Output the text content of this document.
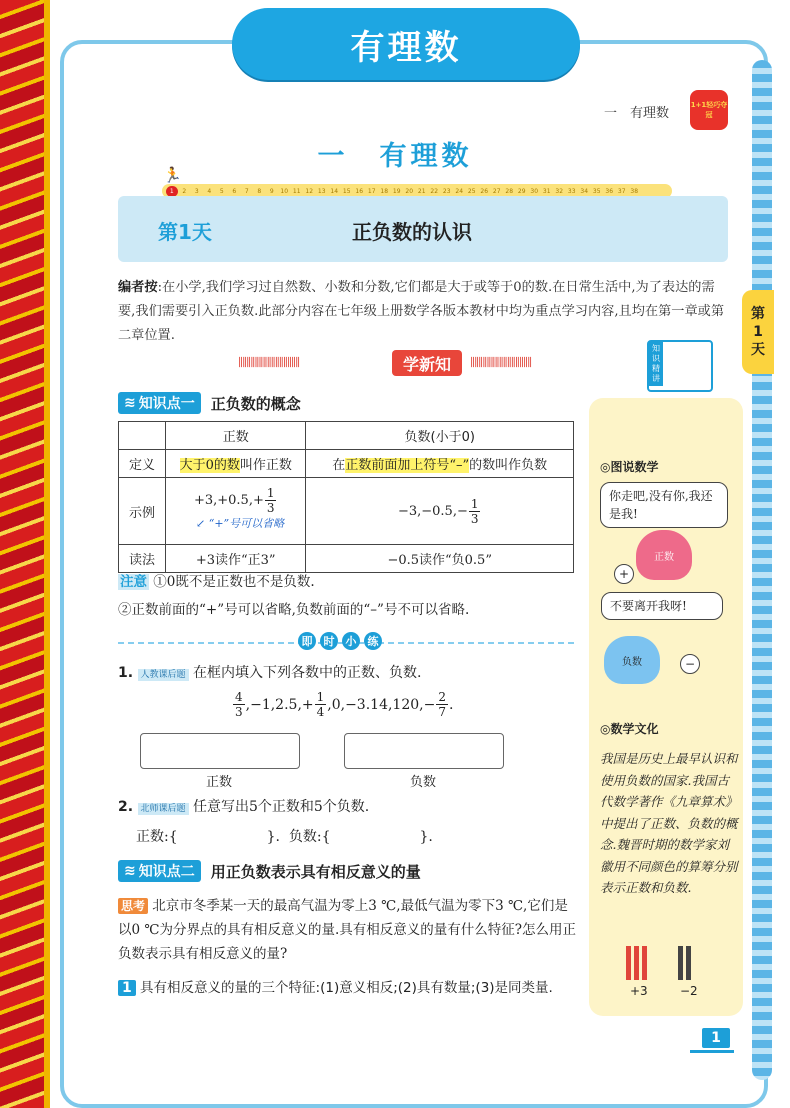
有理数
一　有理数
1+1轻巧夺冠
一　有理数
🏃
1	2	3	4	5	6	7	8	9	10 11 12 13 14 15 16 17 18 19 20 21 22 23 24 25 26 27 28 29 30 31 32 33 34 35 36 37 38
第1天	正负数的认识
编者按:在小学,我们学习过自然数、小数和分数,它们都是大于或等于0的数.在日常生活中,为了表达的需要,我们需要引入正负数.此部分内容在七年级上册数学各版本教材中均为重点学习内容,且均在第一章或第二章位置.
第
1
天
∥∥∥∥∥∥∥∥∥∥∥∥∥∥∥	学新知	∥∥∥∥∥∥∥∥∥∥∥∥∥∥∥
知识精讲
≋ 知识点一 正负数的概念
	正数	负数(小于0)
定义	大于0的数叫作正数	在正数前面加上符号“–”的数叫作负数
示例	$+3,+0.5,+ \frac{1}{3}$	$-3,-0.5,- \frac{1}{3}$

读法	+3读作“正3”	−0.5读作“负0.5”
↙ “+”号可以省略
注意 ①0既不是正数也不是负数.
②正数前面的“+”号可以省略,负数前面的“–”号不可以省略.
即	时	小	练
1. 人教课后题 在框内填入下列各数中的正数、负数.
$\frac{4}{3} ,-1,2.5,+ \frac{1}{4} ,0,-3.14,120,- \frac{2}{7}$ .
正数	负数
2. 北师课后题 任意写出5个正数和5个负数.
正数:{                    }.  负数:{                    }.
≋ 知识点二 用正负数表示具有相反意义的量
思考 北京市冬季某一天的最高气温为零上3 ℃,最低气温为零下3 ℃,它们是以0 ℃为分界点的具有相反意义的量.具有相反意义的量有什么特征?怎么用正负数表示具有相反意义的量?
1 具有相反意义的量的三个特征:(1)意义相反;(2)具有数量;(3)是同类量.
◎图说数学
你走吧,没有你,我还是我!
+
正数
不要离开我呀!
负数	−
◎数学文化
我国是历史上最早认识和使用负数的国家.我国古代数学著作《九章算术》中提出了正数、负数的概念.魏晋时期的数学家刘徽用不同颜色的算筹分别表示正数和负数.
+3	−2
1
